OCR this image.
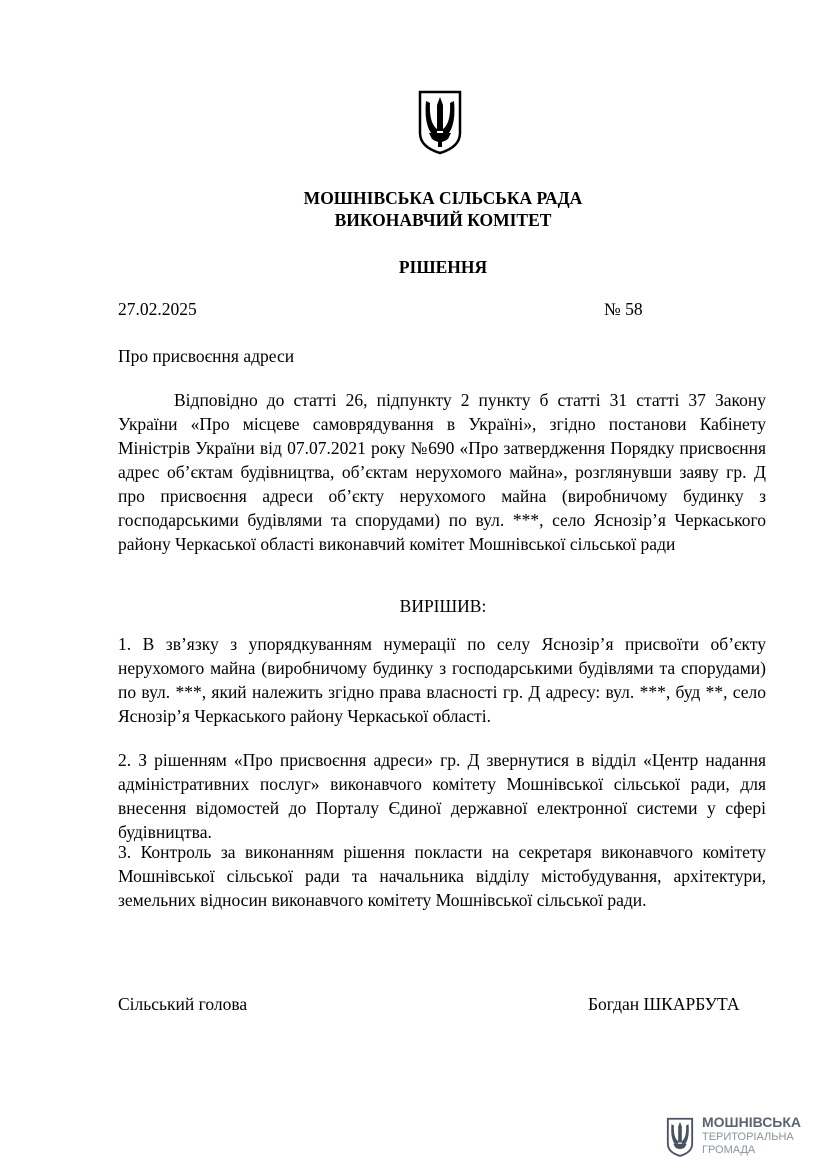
МОШНІВСЬКА СІЛЬСЬКА РАДА
ВИКОНАВЧИЙ КОМІТЕТ
РІШЕННЯ
27.02.2025	№ 58
Про присвоєння адреси

Відповідно до статті 26, підпункту 2 пункту б статті 31 статті 37 Закону України «Про місцеве самоврядування в Україні», згідно постанови Кабінету Міністрів України від 07.07.2021 року №690 «Про затвердження Порядку присвоєння адрес об’єктам будівництва, об’єктам нерухомого майна», розглянувши заяву гр. Д про присвоєння адреси об’єкту нерухомого майна (виробничому будинку з господарськими будівлями та спорудами) по вул. ***, село Яснозір’я Черкаського району Черкаської області виконавчий комітет Мошнівської сільської ради

ВИРІШИВ:

1. В зв’язку з упорядкуванням нумерації по селу Яснозір’я присвоїти об’єкту нерухомого майна (виробничому будинку з господарськими будівлями та спорудами) по вул. ***, який належить згідно права власності гр. Д адресу: вул. ***, буд **, село Яснозір’я Черкаського району Черкаської області.

2. З рішенням «Про присвоєння адреси» гр. Д звернутися в відділ «Центр надання адміністративних послуг» виконавчого комітету Мошнівської сільської ради, для внесення відомостей до Порталу Єдиної державної електронної системи у сфері будівництва.

3. Контроль за виконанням рішення покласти на секретаря виконавчого комітету Мошнівської сільської ради та начальника відділу містобудування, архітектури, земельних відносин виконавчого комітету Мошнівської сільської ради.

Сільський голова	Богдан ШКАРБУТА
МОШНІВСЬКА
ТЕРИТОРІАЛЬНА
ГРОМАДА
